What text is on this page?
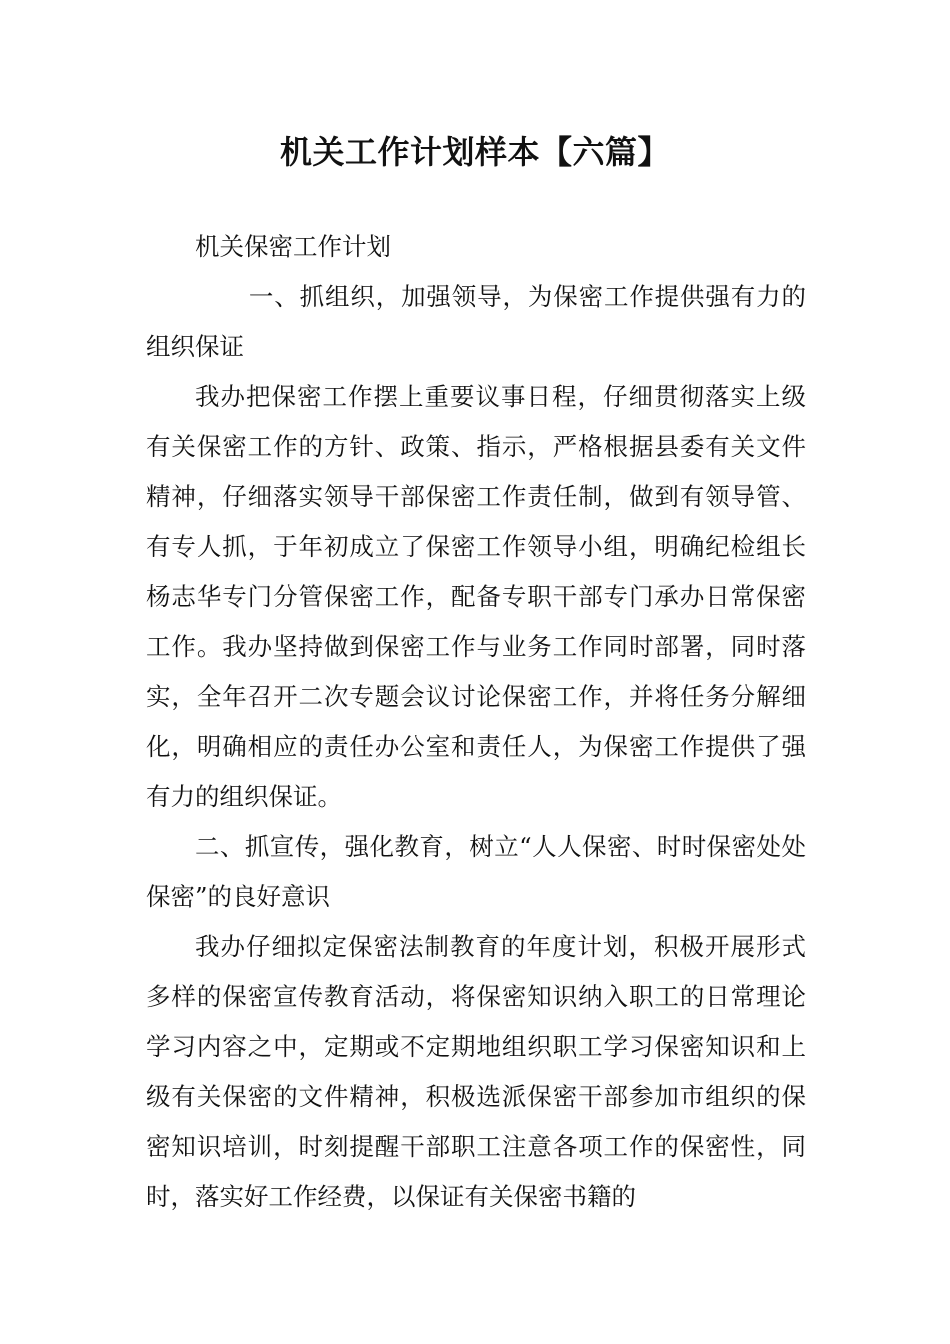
机关工作计划样本【六篇】

机关保密工作计划

一、抓组织，加强领导，为保密工作提供强有力的组织保证

我办把保密工作摆上重要议事日程，仔细贯彻落实上级有关保密工作的方针、政策、指示，严格根据县委有关文件精神，仔细落实领导干部保密工作责任制，做到有领导管、有专人抓，于年初成立了保密工作领导小组，明确纪检组长杨志华专门分管保密工作，配备专职干部专门承办日常保密工作。我办坚持做到保密工作与业务工作同时部署，同时落实，全年召开二次专题会议讨论保密工作，并将任务分解细化，明确相应的责任办公室和责任人，为保密工作提供了强有力的组织保证。

二、抓宣传，强化教育，树立“人人保密、时时保密处处保密”的良好意识

我办仔细拟定保密法制教育的年度计划，积极开展形式多样的保密宣传教育活动，将保密知识纳入职工的日常理论学习内容之中，定期或不定期地组织职工学习保密知识和上级有关保密的文件精神，积极选派保密干部参加市组织的保密知识培训，时刻提醒干部职工注意各项工作的保密性，同时，落实好工作经费，以保证有关保密书籍的
